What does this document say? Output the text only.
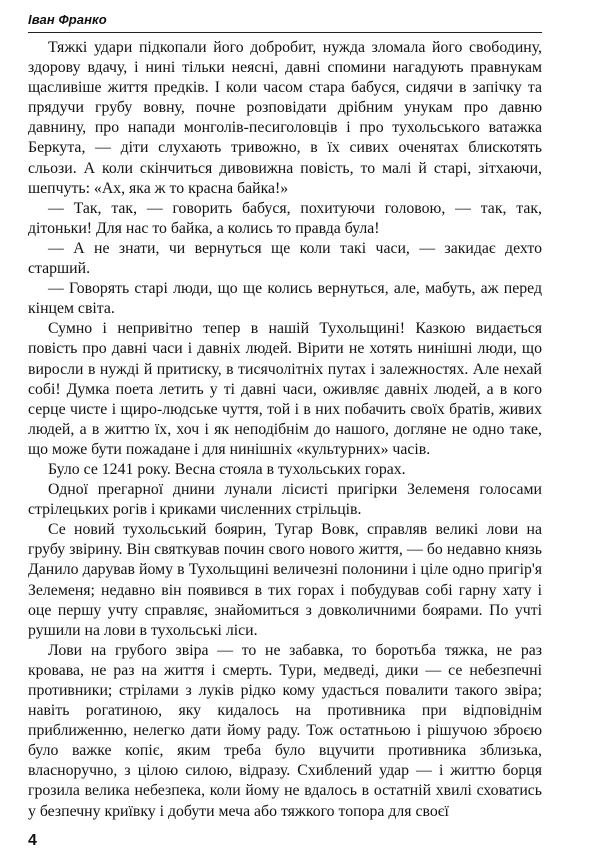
Іван Франко

Тяжкі удари підкопали його добробит, нужда зломала його свободину, здорову вдачу, і нині тільки неясні, давні спомини нагадують правнукам щасливіше життя предків. І коли часом стара бабуся, сидячи в запічку та прядучи грубу вовну, почне розповідати дрібним унукам про давню давнину, про напади монголів-песиголовців і про тухольського ватажка Беркута, — діти слухають тривожно, в їх сивих оченятах блискотять сльози. А коли скінчиться дивовижна повість, то малі й старі, зітхаючи, шепчуть: «Ах, яка ж то красна байка!»

— Так, так, — говорить бабуся, похитуючи головою, — так, так, дітоньки! Для нас то байка, а колись то правда була!

— А не знати, чи вернуться ще коли такі часи, — закидає дехто старший.

— Говорять старі люди, що ще колись вернуться, але, мабуть, аж перед кінцем світа.

Сумно і непривітно тепер в нашій Тухольщині! Казкою видається повість про давні часи і давніх людей. Вірити не хотять нинішні люди, що виросли в нужді й притиску, в тисячолітніх путах і залежностях. Але нехай собі! Думка поета летить у ті давні часи, оживляє давніх людей, а в кого серце чисте і щиро-людське чуття, той і в них побачить своїх братів, живих людей, а в життю їх, хоч і як неподібнім до нашого, догляне не одно таке, що може бути пожадане і для нинішніх «культурних» часів.

Було се 1241 року. Весна стояла в тухольських горах.

Одної прегарної днини лунали лісисті пригірки Зелеменя голосами стрілецьких рогів і криками численних стрільців.

Се новий тухольський боярин, Тугар Вовк, справляв великі лови на грубу звірину. Він святкував почин свого нового життя, — бо недавно князь Данило дарував йому в Тухольщині величезні полонини і ціле одно пригір'я Зелеменя; недавно він появився в тих горах і побудував собі гарну хату і оце першу учту справляє, знайомиться з довколичними боярами. По учті рушили на лови в тухольські ліси.

Лови на грубого звіра — то не забавка, то боротьба тяжка, не раз кровава, не раз на життя і смерть. Тури, медведі, дики — се небезпечні противники; стрілами з луків рідко кому удасться повалити такого звіра; навіть рогатиною, яку кидалось на противника при відповіднім приближенню, нелегко дати йому раду. Тож остатньою і рішучою зброєю було важке копіє, яким треба було вцучити противника зблизька, власноручно, з цілою силою, відразу. Схиблений удар — і життю борця грозила велика небезпека, коли йому не вдалось в остатній хвилі сховатись у безпечну криївку і добути меча або тяжкого топора для своєї

4
